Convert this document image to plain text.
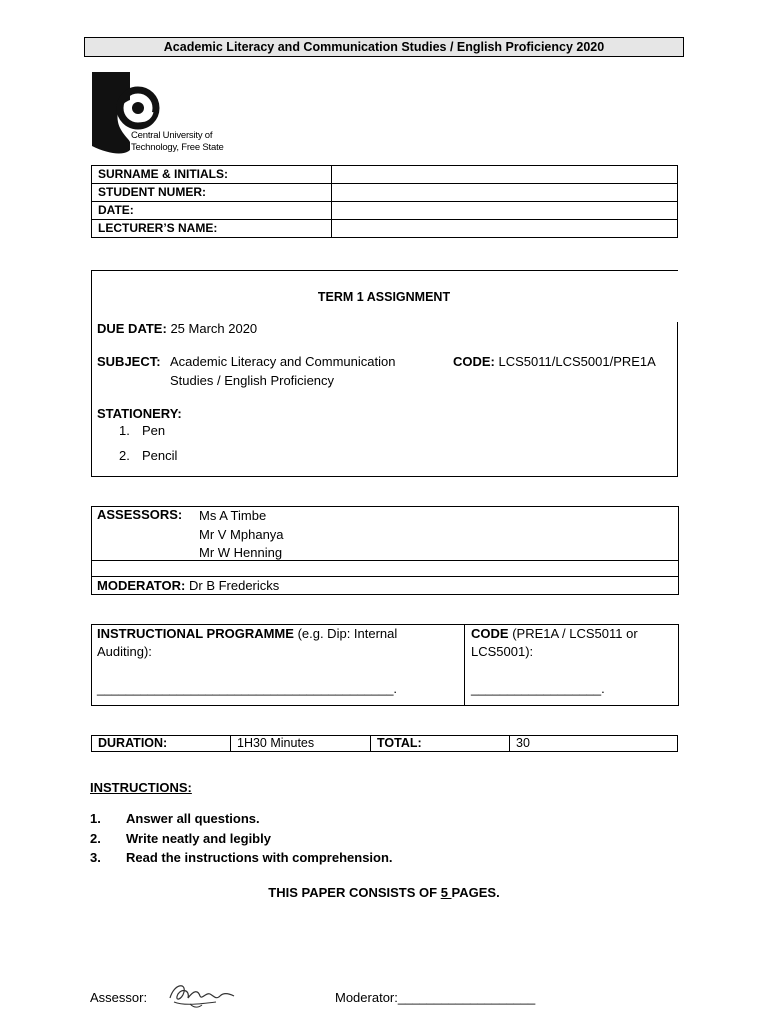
Academic Literacy and Communication Studies / English Proficiency 2020
Central University of
Technology, Free State
SURNAME & INITIALS:	
STUDENT NUMER:	
DATE:	
LECTURER’S NAME:	
TERM 1 ASSIGNMENT
DUE DATE: 25 March 2020
SUBJECT: Academic Literacy and Communication
Studies / English Proficiency
CODE: LCS5011/LCS5001/PRE1A
STATIONERY:
1. Pen
2. Pencil
ASSESSORS: Ms A Timbe
Mr V Mphanya
Mr W Henning
MODERATOR: Dr B Fredericks
INSTRUCTIONAL PROGRAMME (e.g. Dip: Internal
Auditing):
_________________________________________.
CODE (PRE1A / LCS5011 or
LCS5001):
__________________.
DURATION:	1H30 Minutes	TOTAL:	30
INSTRUCTIONS:
1. Answer all questions.
2. Write neatly and legibly
3. Read the instructions with comprehension.
THIS PAPER CONSISTS OF 5 PAGES.
Assessor:	Moderator:___________________
